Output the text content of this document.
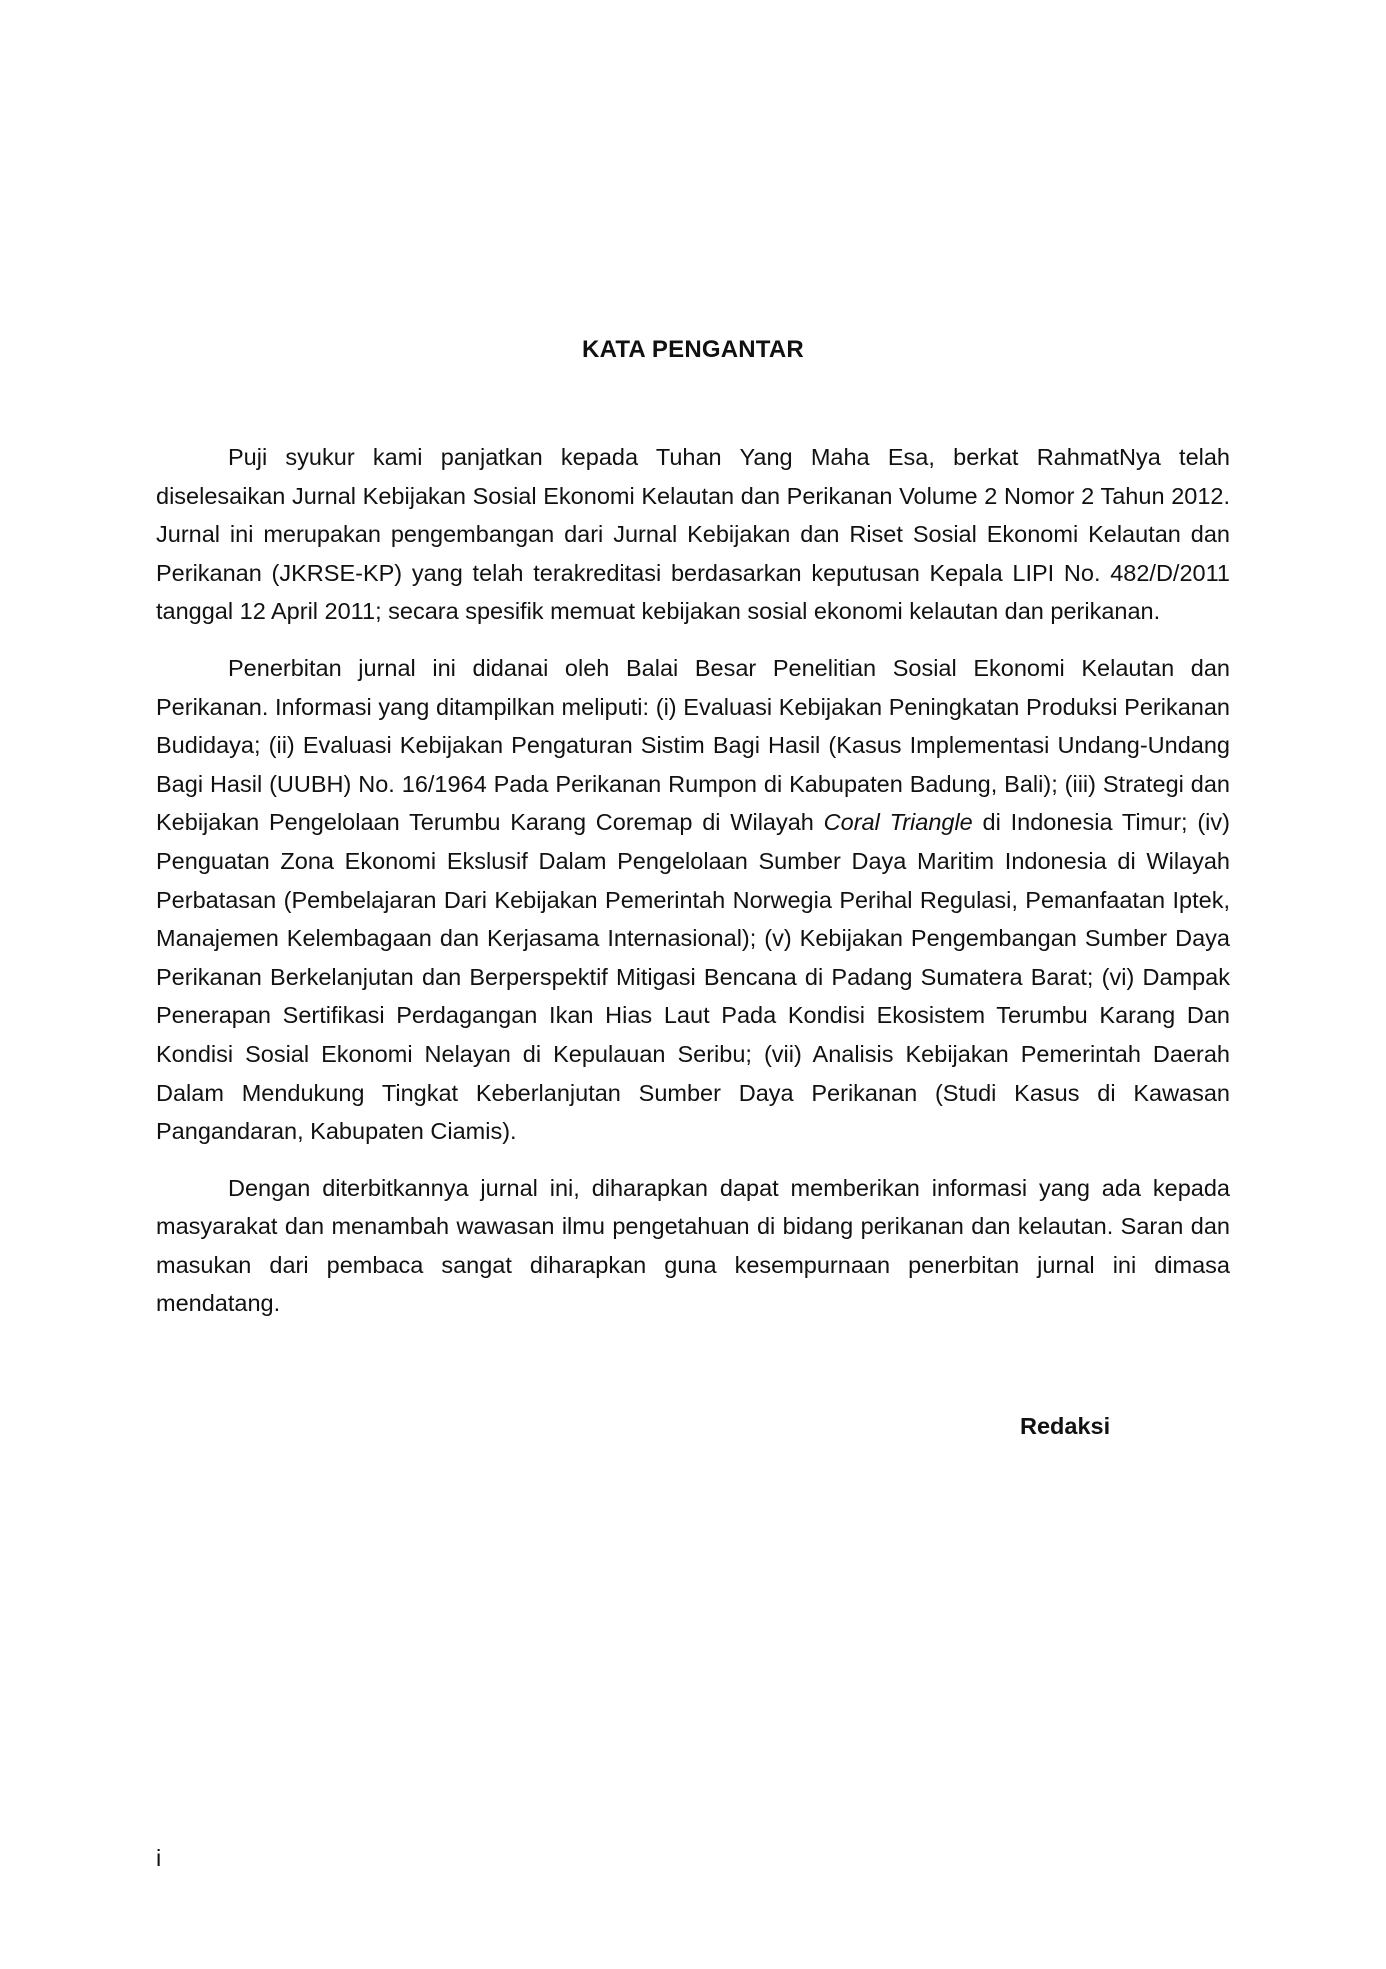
KATA PENGANTAR

Puji syukur kami panjatkan kepada Tuhan Yang Maha Esa, berkat RahmatNya telah diselesaikan Jurnal Kebijakan Sosial Ekonomi Kelautan dan Perikanan Volume 2 Nomor 2 Tahun 2012. Jurnal ini merupakan pengembangan dari Jurnal Kebijakan dan Riset Sosial Ekonomi Kelautan dan Perikanan (JKRSE-KP) yang telah terakreditasi berdasarkan keputusan Kepala LIPI No. 482/D/2011 tanggal 12 April 2011; secara spesifik memuat kebijakan sosial ekonomi kelautan dan perikanan.

Penerbitan jurnal ini didanai oleh Balai Besar Penelitian Sosial Ekonomi Kelautan dan Perikanan. Informasi yang ditampilkan meliputi: (i) Evaluasi Kebijakan Peningkatan Produksi Perikanan Budidaya; (ii) Evaluasi Kebijakan Pengaturan Sistim Bagi Hasil (Kasus Implementasi Undang-Undang Bagi Hasil (UUBH) No. 16/1964 Pada Perikanan Rumpon di Kabupaten Badung, Bali); (iii) Strategi dan Kebijakan Pengelolaan Terumbu Karang Coremap di Wilayah Coral Triangle di Indonesia Timur; (iv) Penguatan Zona Ekonomi Ekslusif Dalam Pengelolaan Sumber Daya Maritim Indonesia di Wilayah Perbatasan (Pembelajaran Dari Kebijakan Pemerintah Norwegia Perihal Regulasi, Pemanfaatan Iptek, Manajemen Kelembagaan dan Kerjasama Internasional); (v) Kebijakan Pengembangan Sumber Daya Perikanan Berkelanjutan dan Berperspektif Mitigasi Bencana di Padang Sumatera Barat; (vi) Dampak Penerapan Sertifikasi Perdagangan Ikan Hias Laut Pada Kondisi Ekosistem Terumbu Karang Dan Kondisi Sosial Ekonomi Nelayan di Kepulauan Seribu; (vii) Analisis Kebijakan Pemerintah Daerah Dalam Mendukung Tingkat Keberlanjutan Sumber Daya Perikanan (Studi Kasus di Kawasan Pangandaran, Kabupaten Ciamis).

Dengan diterbitkannya jurnal ini, diharapkan dapat memberikan informasi yang ada kepada masyarakat dan menambah wawasan ilmu pengetahuan di bidang perikanan dan kelautan. Saran dan masukan dari pembaca sangat diharapkan guna kesempurnaan penerbitan jurnal ini dimasa mendatang.

Redaksi

i
